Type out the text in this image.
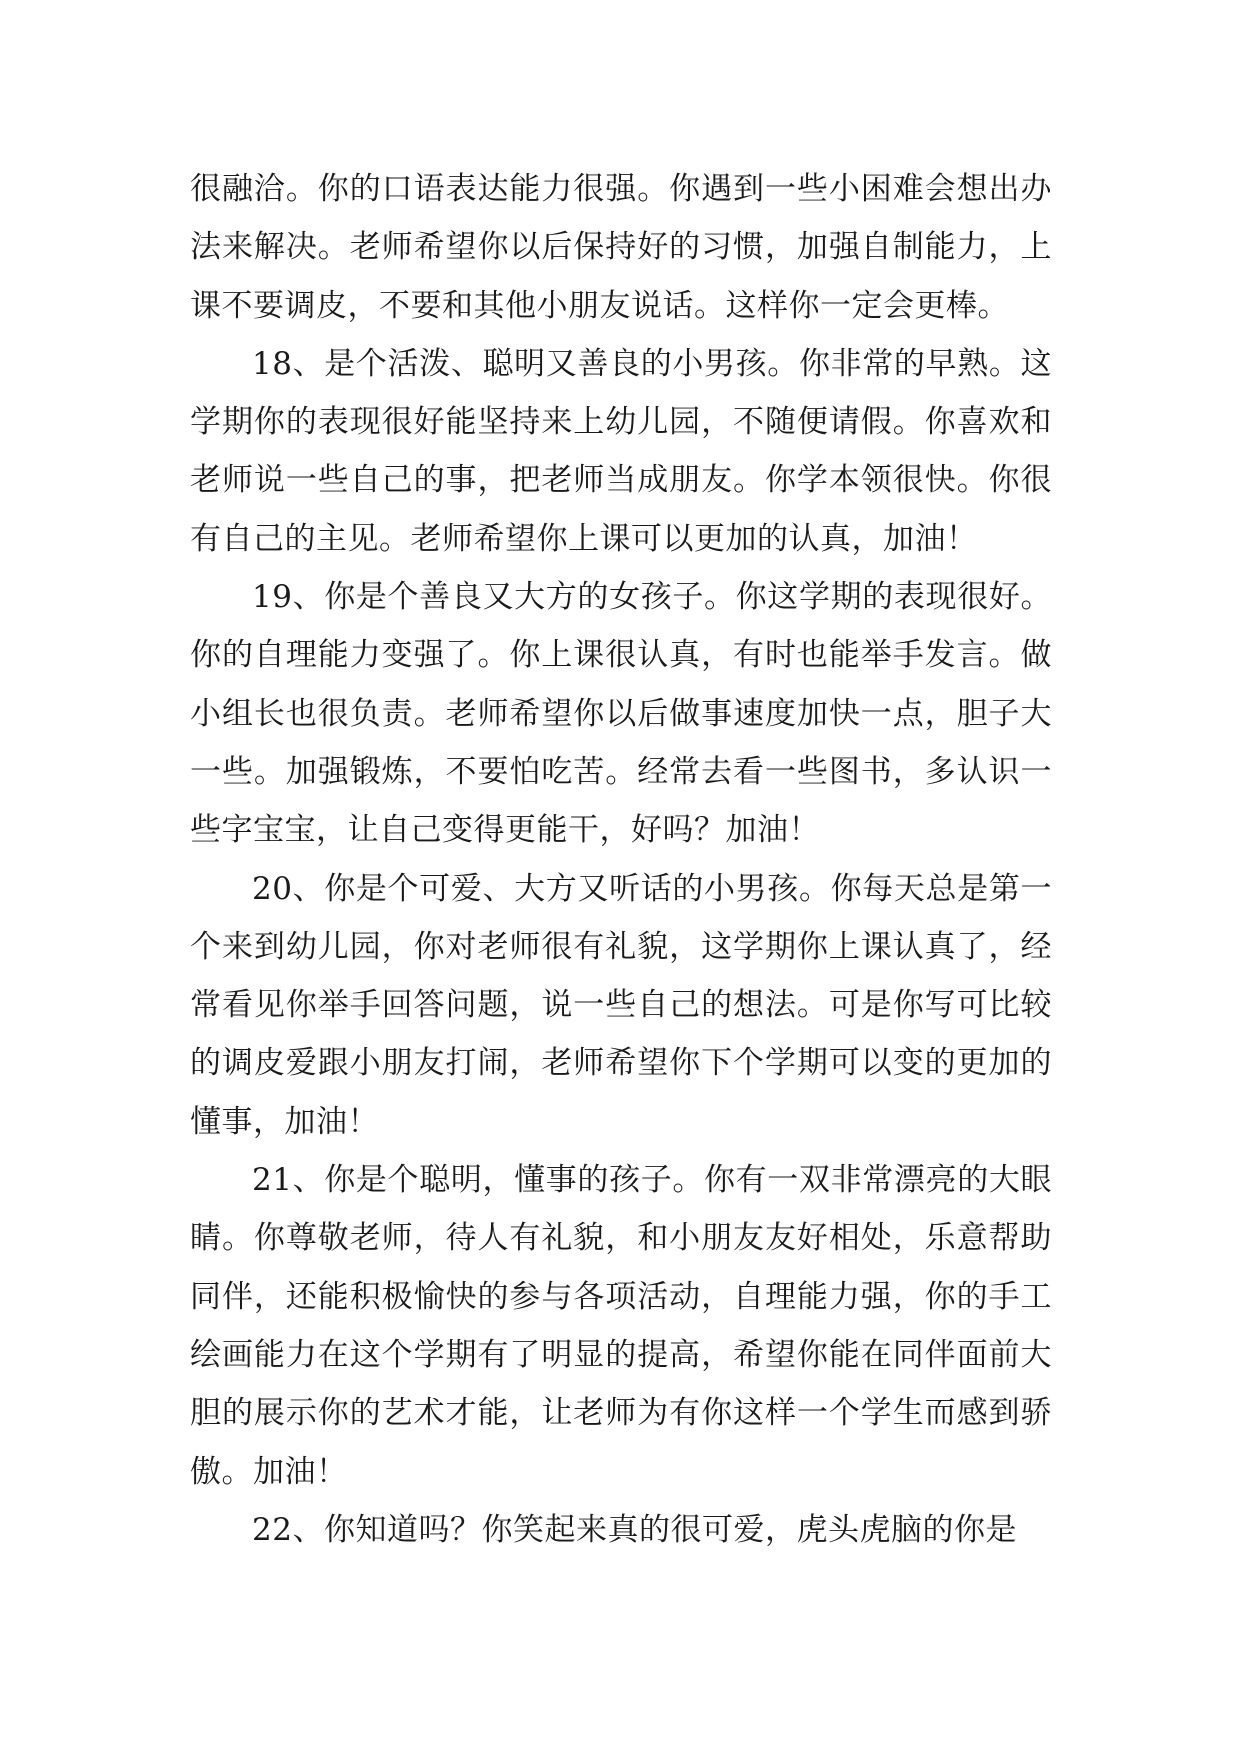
很融洽。你的口语表达能力很强。你遇到一些小困难会想出办法来解决。老师希望你以后保持好的习惯，加强自制能力，上课不要调皮，不要和其他小朋友说话。这样你一定会更棒。

18、是个活泼、聪明又善良的小男孩。你非常的早熟。这学期你的表现很好能坚持来上幼儿园，不随便请假。你喜欢和老师说一些自己的事，把老师当成朋友。你学本领很快。你很有自己的主见。老师希望你上课可以更加的认真，加油！

19、你是个善良又大方的女孩子。你这学期的表现很好。你的自理能力变强了。你上课很认真，有时也能举手发言。做小组长也很负责。老师希望你以后做事速度加快一点，胆子大一些。加强锻炼，不要怕吃苦。经常去看一些图书，多认识一些字宝宝，让自己变得更能干，好吗？加油！

20、你是个可爱、大方又听话的小男孩。你每天总是第一个来到幼儿园，你对老师很有礼貌，这学期你上课认真了，经常看见你举手回答问题，说一些自己的想法。可是你写可比较的调皮爱跟小朋友打闹，老师希望你下个学期可以变的更加的懂事，加油！

21、你是个聪明，懂事的孩子。你有一双非常漂亮的大眼睛。你尊敬老师，待人有礼貌，和小朋友友好相处，乐意帮助同伴，还能积极愉快的参与各项活动，自理能力强，你的手工绘画能力在这个学期有了明显的提高，希望你能在同伴面前大胆的展示你的艺术才能，让老师为有你这样一个学生而感到骄傲。加油！

22、你知道吗？你笑起来真的很可爱，虎头虎脑的你是
